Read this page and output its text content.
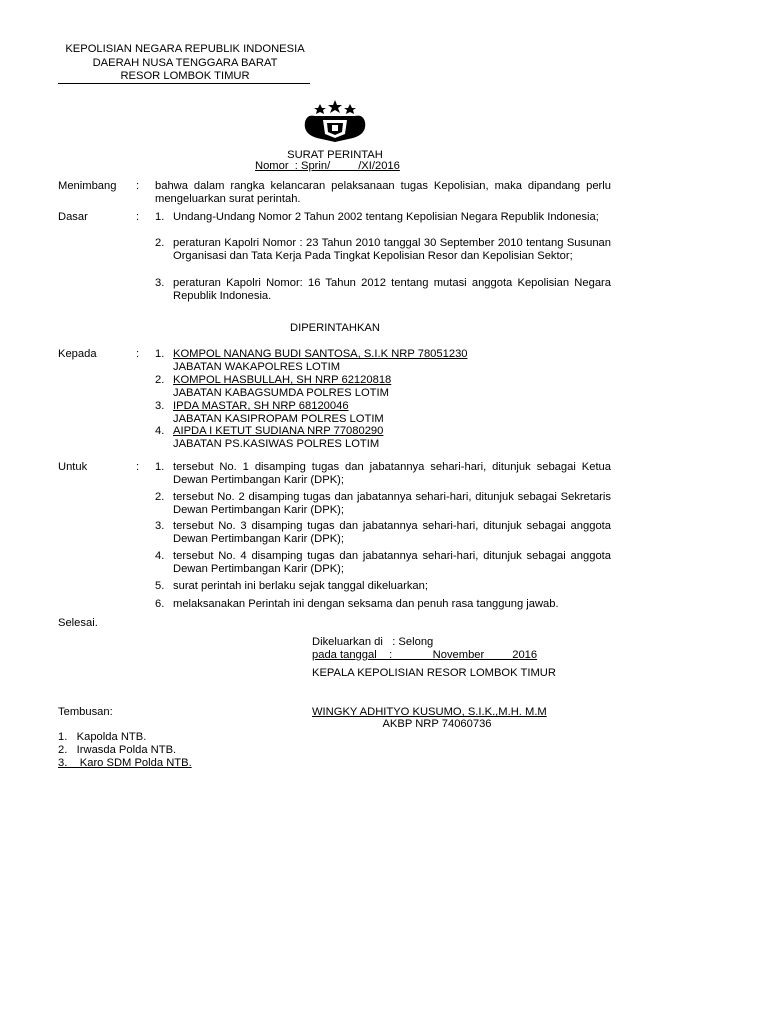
KEPOLISIAN NEGARA REPUBLIK INDONESIA
DAERAH NUSA TENGGARA BARAT
RESOR LOMBOK TIMUR
SURAT PERINTAH
Nomor  : Sprin/         /XI/2016
Menimbang : bahwa dalam rangka kelancaran pelaksanaan tugas Kepolisian, maka dipandang perlu mengeluarkan surat perintah.
Dasar	: 1. Undang-Undang Nomor 2 Tahun 2002 tentang Kepolisian Negara Republik Indonesia;
2. peraturan Kapolri Nomor : 23 Tahun 2010 tanggal 30 September 2010 tentang Susunan Organisasi dan Tata Kerja Pada Tingkat Kepolisian Resor dan Kepolisian Sektor;
3. peraturan Kapolri Nomor: 16 Tahun 2012 tentang mutasi anggota Kepolisian Negara Republik Indonesia.
DIPERINTAHKAN
Kepada	: 1. KOMPOL NANANG BUDI SANTOSA, S.I.K NRP 78051230
JABATAN WAKAPOLRES LOTIM
2. KOMPOL HASBULLAH, SH NRP 62120818
JABATAN KABAGSUMDA POLRES LOTIM
3. IPDA MASTAR, SH NRP 68120046
JABATAN KASIPROPAM POLRES LOTIM
4. AIPDA I KETUT SUDIANA NRP 77080290
JABATAN PS.KASIWAS POLRES LOTIM
Untuk	: 1. tersebut No. 1 disamping tugas dan jabatannya sehari-hari, ditunjuk sebagai Ketua Dewan Pertimbangan Karir (DPK);
2. tersebut No. 2 disamping tugas dan jabatannya sehari-hari, ditunjuk sebagai Sekretaris Dewan Pertimbangan Karir (DPK);
3. tersebut No. 3 disamping tugas dan jabatannya sehari-hari, ditunjuk sebagai anggota Dewan Pertimbangan Karir (DPK);
4. tersebut No. 4 disamping tugas dan jabatannya sehari-hari, ditunjuk sebagai anggota Dewan Pertimbangan Karir (DPK);
5. surat perintah ini berlaku sejak tanggal dikeluarkan;
6. melaksanakan Perintah ini dengan seksama dan penuh rasa tanggung jawab.
Selesai.
Dikeluarkan di   : Selong
pada tanggal    :             November         2016
KEPALA KEPOLISIAN RESOR LOMBOK TIMUR
Tembusan:	WINGKY ADHITYO KUSUMO, S.I.K.,M.H. M.M
AKBP NRP 74060736
1.   Kapolda NTB.
2.   Irwasda Polda NTB.
3.    Karo SDM Polda NTB.
